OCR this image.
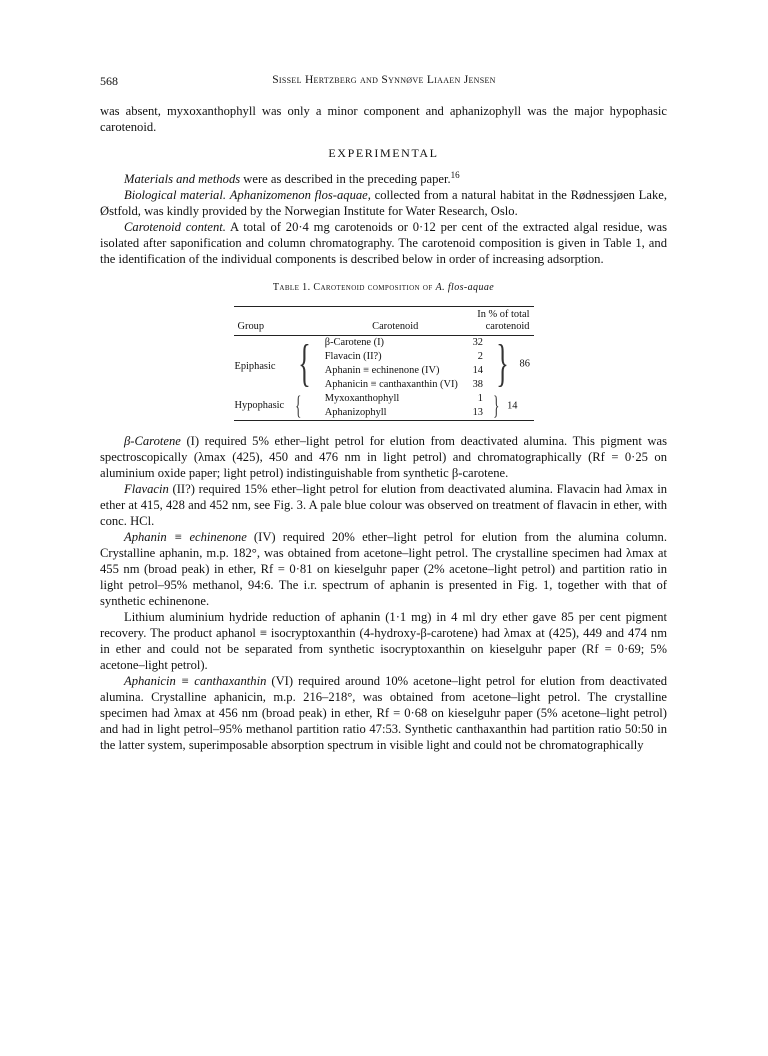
568	Sissel Hertzberg and Synnøve Liaaen Jensen

was absent, myxoxanthophyll was only a minor component and aphanizophyll was the major hypophasic carotenoid.

EXPERIMENTAL

Materials and methods were as described in the preceding paper.$^{16}$

Biological material. Aphanizomenon flos-aquae, collected from a natural habitat in the Rødnessjøen Lake, Østfold, was kindly provided by the Norwegian Institute for Water Research, Oslo.

Carotenoid content. A total of 20·4 mg carotenoids or 0·12 per cent of the extracted algal residue, was isolated after saponification and column chromatography. The carotenoid composition is given in Table 1, and the identification of the individual components is described below in order of increasing adsorption.

Table 1. Carotenoid composition of A. flos-aquae
Group		Carotenoid	In % of total
carotenoid	
Epiphasic	{	β-Carotene (I)	32	} 86
		Flavacin (II?)	2	
		Aphanin ≡ echinenone (IV)	14	
		Aphanicin ≡ canthaxanthin (VI)	38	
Hypophasic	{	Myxoxanthophyll	1	} 14
		Aphanizophyll	13	

β-Carotene (I) required 5% ether–light petrol for elution from deactivated alumina. This pigment was spectroscopically (λmax (425), 450 and 476 nm in light petrol) and chromatographically (Rf = 0·25 on aluminium oxide paper; light petrol) indistinguishable from synthetic β-carotene.

Flavacin (II?) required 15% ether–light petrol for elution from deactivated alumina. Flavacin had λmax in ether at 415, 428 and 452 nm, see Fig. 3. A pale blue colour was observed on treatment of flavacin in ether, with conc. HCl.

Aphanin ≡ echinenone (IV) required 20% ether–light petrol for elution from the alumina column. Crystalline aphanin, m.p. 182°, was obtained from acetone–light petrol. The crystalline specimen had λmax at 455 nm (broad peak) in ether, Rf = 0·81 on kieselguhr paper (2% acetone–light petrol) and partition ratio in light petrol–95% methanol, 94:6. The i.r. spectrum of aphanin is presented in Fig. 1, together with that of synthetic echinenone.

Lithium aluminium hydride reduction of aphanin (1·1 mg) in 4 ml dry ether gave 85 per cent pigment recovery. The product aphanol ≡ isocryptoxanthin (4-hydroxy-β-carotene) had λmax at (425), 449 and 474 nm in ether and could not be separated from synthetic isocryptoxanthin on kieselguhr paper (Rf = 0·69; 5% acetone–light petrol).

Aphanicin ≡ canthaxanthin (VI) required around 10% acetone–light petrol for elution from deactivated alumina. Crystalline aphanicin, m.p. 216–218°, was obtained from acetone–light petrol. The crystalline specimen had λmax at 456 nm (broad peak) in ether, Rf = 0·68 on kieselguhr paper (5% acetone–light petrol) and had in light petrol–95% methanol partition ratio 47:53. Synthetic canthaxanthin had partition ratio 50:50 in the latter system, superimposable absorption spectrum in visible light and could not be chromatographically
